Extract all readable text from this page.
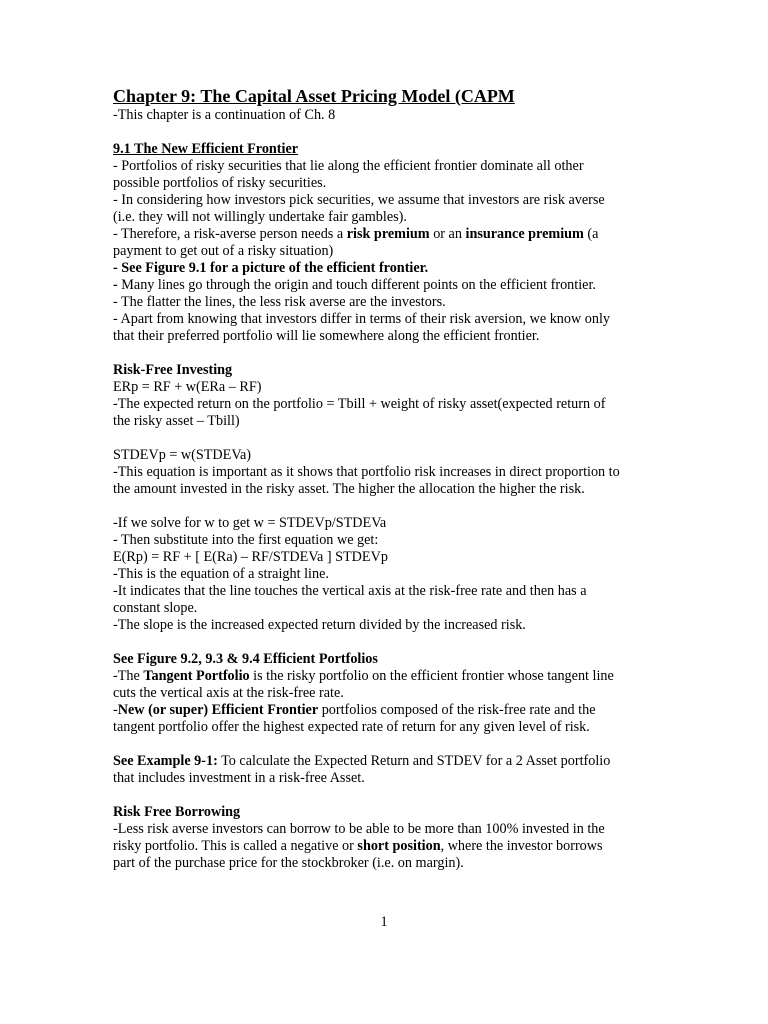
Chapter 9: The Capital Asset Pricing Model (CAPM

-This chapter is a continuation of Ch. 8

9.1 The New Efficient Frontier

- Portfolios of risky securities that lie along the efficient frontier dominate all other

possible portfolios of risky securities.

- In considering how investors pick securities, we assume that investors are risk averse

(i.e. they will not willingly undertake fair gambles).

- Therefore, a risk-averse person needs a risk premium or an insurance premium (a

payment to get out of a risky situation)

- See Figure 9.1 for a picture of the efficient frontier.

- Many lines go through the origin and touch different points on the efficient frontier.

- The flatter the lines, the less risk averse are the investors.

- Apart from knowing that investors differ in terms of their risk aversion, we know only

that their preferred portfolio will lie somewhere along the efficient frontier.

Risk-Free Investing

ERp = RF + w(ERa – RF)

-The expected return on the portfolio = Tbill + weight of risky asset(expected return of

the risky asset – Tbill)

STDEVp = w(STDEVa)

-This equation is important as it shows that portfolio risk increases in direct proportion to

the amount invested in the risky asset. The higher the allocation the higher the risk.

-If we solve for w to get w = STDEVp/STDEVa

- Then substitute into the first equation we get:

E(Rp) = RF + [ E(Ra) – RF/STDEVa ] STDEVp

-This is the equation of a straight line.

-It indicates that the line touches the vertical axis at the risk-free rate and then has a

constant slope.

-The slope is the increased expected return divided by the increased risk.

See Figure 9.2, 9.3 & 9.4 Efficient Portfolios

-The Tangent Portfolio is the risky portfolio on the efficient frontier whose tangent line

cuts the vertical axis at the risk-free rate.

-New (or super) Efficient Frontier portfolios composed of the risk-free rate and the

tangent portfolio offer the highest expected rate of return for any given level of risk.

See Example 9-1: To calculate the Expected Return and STDEV for a 2 Asset portfolio

that includes investment in a risk-free Asset.

Risk Free Borrowing

-Less risk averse investors can borrow to be able to be more than 100% invested in the

risky portfolio. This is called a negative or short position, where the investor borrows

part of the purchase price for the stockbroker (i.e. on margin).

1
